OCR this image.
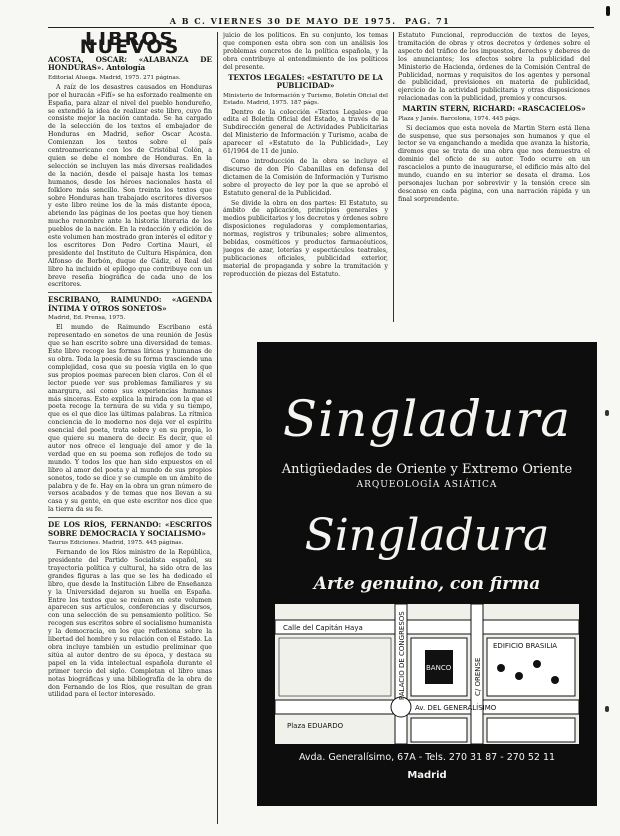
A B C. VIERNES 30 DE MAYO DE 1975. PAG. 71
LIBROS NUEVOS

ACOSTA, OSCAR: «ALABANZA DE HONDURAS». Antología

Editorial Aluega. Madrid, 1975. 271 páginas.

A raíz de los desastres causados en Honduras por el huracán «Fifí» se ha esforzado realmente en España, para alzar el nivel del pueblo hondureño, se extendió la idea de realizar este libro, cuyo fin consiste mejor la nación cantada. Se ha cargado de la selección de los textos el embajador de Honduras en Madrid, señor Oscar Acosta. Comienzan los textos sobre el país centroamericano con los de Cristóbal Colón, a quien se debe el nombre de Honduras. En la selección se incluyen las más diversas realidades de la nación, desde el paisaje hasta los temas humanos, desde los héroes nacionales hasta el folklore más sencillo. Son treinta los textos que sobre Honduras han trabajado escritores diversos y este libro reúne los de la más distante época, abriendo las páginas de los poetas que hoy tienen mucho renombre ante la historia literaria de los pueblos de la nación. En la redacción y edición de este volumen han mostrado gran interés el editor y los escritores Don Pedro Cortina Mauri, el presidente del Instituto de Cultura Hispánica, don Alfonso de Borbón, duque de Cádiz, el Real del libro ha incluido el epílogo que contribuye con un breve reseña biográfica de cada uno de los escritores.

ESCRIBANO, RAIMUNDO: «AGENDA ÍNTIMA Y OTROS SONETOS»

Madrid, Ed. Prensa, 1975.

El mundo de Raimundo Escribano está representado en sonetos de una reunión de Jesús que se han escrito sobre una diversidad de temas. Este libro recoge las formas líricas y humanas de su obra. Toda la poesía de su forma trasciende una complejidad, cosa que su poesía vigila en lo que sus propios poemas parecen bien claros. Con él el lector puede ver sus problemas familiares y su amargura, así como sus experiencias humanas más sinceras. Esto explica la mirada con la que el poeta recoge la ternura de su vida y su tiempo, que es el que dice las últimas palabras. La rítmica conciencia de lo moderno nos deja ver el espíritu esencial del poeta, trata sobre y en su propia, lo que quiere su manera de decir. Es decir, que el autor nos ofrece el lenguaje del amor y de la verdad que en su poema son reflejos de todo su mundo. Y todos los que han sido expuestos en el libro al amor del poeta y al mundo de sus propios sonetos, todo se dice y se cumple en un ámbito de palabra y de fe. Hay en la obra un gran número de versos acabados y de temas que nos llevan a su casa y su gente, en que este escritor nos dice que la tierra da su fe.

DE LOS RÍOS, FERNANDO: «ESCRITOS SOBRE DEMOCRACIA Y SOCIALISMO»

Taurus Ediciones. Madrid, 1975. 445 páginas.

Fernando de los Ríos ministro de la República, presidente del Partido Socialista español, su trayectoria política y cultural, ha sido otra de las grandes figuras a las que se les ha dedicado el libro, que desde la Institución Libre de Enseñanza y la Universidad dejaron su huella en España. Entre los textos que se reúnen en este volumen aparecen sus artículos, conferencias y discursos, con una selección de su pensamiento político. Se recogen sus escritos sobre el socialismo humanista y la democracia, en los que reflexiona sobre la libertad del hombre y su relación con el Estado. La obra incluye también un estudio preliminar que sitúa al autor dentro de su época, y destaca su papel en la vida intelectual española durante el primer tercio del siglo. Completan el libro unas notas biográficas y una bibliografía de la obra de don Fernando de los Ríos, que resultan de gran utilidad para el lector interesado.

juicio de los políticos. En su conjunto, los temas que componen esta obra son con un análisis los problemas concretos de la política española, y la obra contribuye al entendimiento de los políticos del presente.

TEXTOS LEGALES: «ESTATUTO DE LA PUBLICIDAD»

Ministerio de Información y Turismo, Boletín Oficial del Estado. Madrid, 1975. 187 págs.

Dentro de la colección «Textos Legales» que edita el Boletín Oficial del Estado, a través de la Subdirección general de Actividades Publicitarias del Ministerio de Información y Turismo, acaba de aparecer el «Estatuto de la Publicidad», Ley 61/1964 de 11 de junio.

Como introducción de la obra se incluye el discurso de don Pío Cabanillas en defensa del dictamen de la Comisión de Información y Turismo sobre el proyecto de ley por la que se aprobó el Estatuto general de la Publicidad.

Se divide la obra en dos partes: El Estatuto, su ámbito de aplicación, principios generales y medios publicitarios y los decretos y órdenes sobre disposiciones reguladoras y complementarias, normas, registros y tribunales; sobre alimentos, bebidas, cosméticos y productos farmacéuticos, juegos de azar, loterías y espectáculos teatrales, publicaciones oficiales, publicidad exterior, material de propaganda y sobre la tramitación y reproducción de piezas del Estatuto.

Estatuto Funcional, reproducción de textos de leyes, tramitación de obras y otros decretos y órdenes sobre el aspecto del tráfico de los impuestos, derechos y deberes de los anunciantes; los efectos sobre la publicidad del Ministerio de Hacienda, órdenes de la Comisión Central de Publicidad, normas y requisitos de los agentes y personal de publicidad, previsiones en materia de publicidad, ejercicio de la actividad publicitaria y otras disposiciones relacionadas con la publicidad, premios y concursos.

MARTIN STERN, RICHARD: «RASCACIELOS»

Plaza y Janés. Barcelona, 1974. 445 págs.

Si deciamos que esta novela de Martin Stern está llena de suspense, que sus personajes son humanos y que el lector se va enganchando a medida que avanza la historia, diremos que se trata de una obra que nos demuestra el dominio del oficio de su autor. Todo ocurre en un rascacielos a punto de inaugurarse, el edificio más alto del mundo, cuando en su interior se desata el drama. Los personajes luchan por sobrevivir y la tensión crece sin descanso en cada página, con una narración rápida y un final sorprendente.

Singladura
Antigüedades de Oriente y Extremo Oriente
ARQUEOLOGÍA ASIÁTICA
Singladura
Arte genuino, con firma
Calle del Capitán Haya
Av. DEL GENERALÍSIMO
PALACIO DE CONGRESOS	C/ ORENSE
Plaza EDUARDO
BANCO
EDIFICIO BRASILIA
Avda. Generalísimo, 67A - Tels. 270 31 87 - 270 52 11
Madrid
